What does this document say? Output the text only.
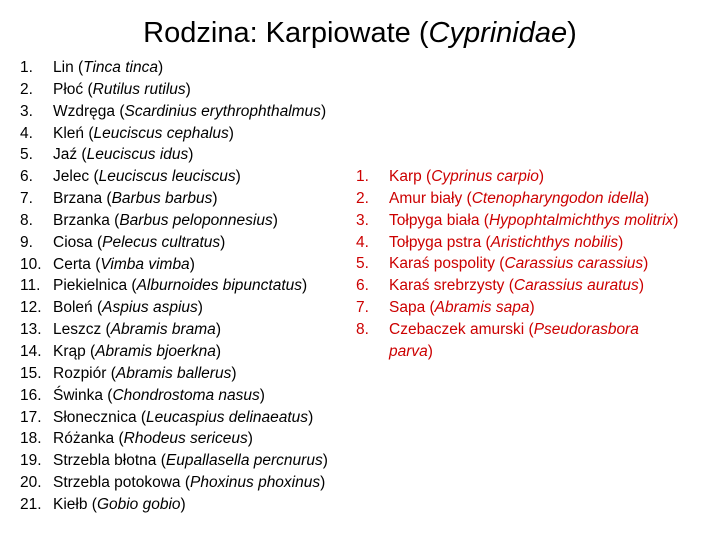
Rodzina: Karpiowate (Cyprinidae)
1. Lin (Tinca tinca)
2. Płoć (Rutilus rutilus)
3. Wzdręga (Scardinius erythrophthalmus)
4. Kleń (Leuciscus cephalus)
5. Jaź (Leuciscus idus)
6. Jelec (Leuciscus leuciscus)
7. Brzana (Barbus barbus)
8. Brzanka (Barbus peloponnesius)
9. Ciosa (Pelecus cultratus)
10. Certa (Vimba vimba)
11. Piekielnica (Alburnoides bipunctatus)
12. Boleń (Aspius aspius)
13. Leszcz (Abramis brama)
14. Krąp (Abramis bjoerkna)
15. Rozpiór (Abramis ballerus)
16. Świnka (Chondrostoma nasus)
17. Słonecznica (Leucaspius delinaeatus)
18. Różanka (Rhodeus sericeus)
19. Strzebla błotna (Eupallasella percnurus)
20. Strzebla potokowa (Phoxinus phoxinus)
21. Kiełb (Gobio gobio)
1. Karp (Cyprinus carpio)
2. Amur biały (Ctenopharyngodon idella)
3. Tołpyga biała (Hypophtalmichthys molitrix)
4. Tołpyga pstra (Aristichthys nobilis)
5. Karaś pospolity (Carassius carassius)
6. Karaś srebrzysty (Carassius auratus)
7. Sapa (Abramis sapa)
8. Czebaczek amurski (Pseudorasbora parva)
